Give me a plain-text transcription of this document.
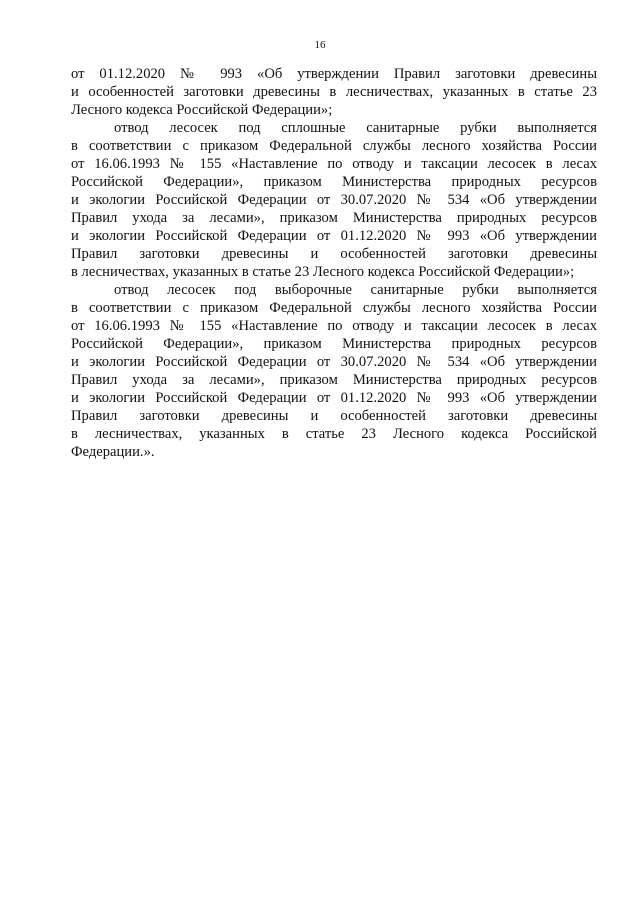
16
от 01.12.2020 № 993 «Об утверждении Правил заготовки древесины
и особенностей заготовки древесины в лесничествах, указанных в статье 23
Лесного кодекса Российской Федерации»;
отвод лесосек под сплошные санитарные рубки выполняется
в соответствии с приказом Федеральной службы лесного хозяйства России
от 16.06.1993 № 155 «Наставление по отводу и таксации лесосек в лесах
Российской Федерации», приказом Министерства природных ресурсов
и экологии Российской Федерации от 30.07.2020 № 534 «Об утверждении
Правил ухода за лесами», приказом Министерства природных ресурсов
и экологии Российской Федерации от 01.12.2020 № 993 «Об утверждении
Правил заготовки древесины и особенностей заготовки древесины
в лесничествах, указанных в статье 23 Лесного кодекса Российской Федерации»;
отвод лесосек под выборочные санитарные рубки выполняется
в соответствии с приказом Федеральной службы лесного хозяйства России
от 16.06.1993 № 155 «Наставление по отводу и таксации лесосек в лесах
Российской Федерации», приказом Министерства природных ресурсов
и экологии Российской Федерации от 30.07.2020 № 534 «Об утверждении
Правил ухода за лесами», приказом Министерства природных ресурсов
и экологии Российской Федерации от 01.12.2020 № 993 «Об утверждении
Правил заготовки древесины и особенностей заготовки древесины
в лесничествах, указанных в статье 23 Лесного кодекса Российской
Федерации.».
